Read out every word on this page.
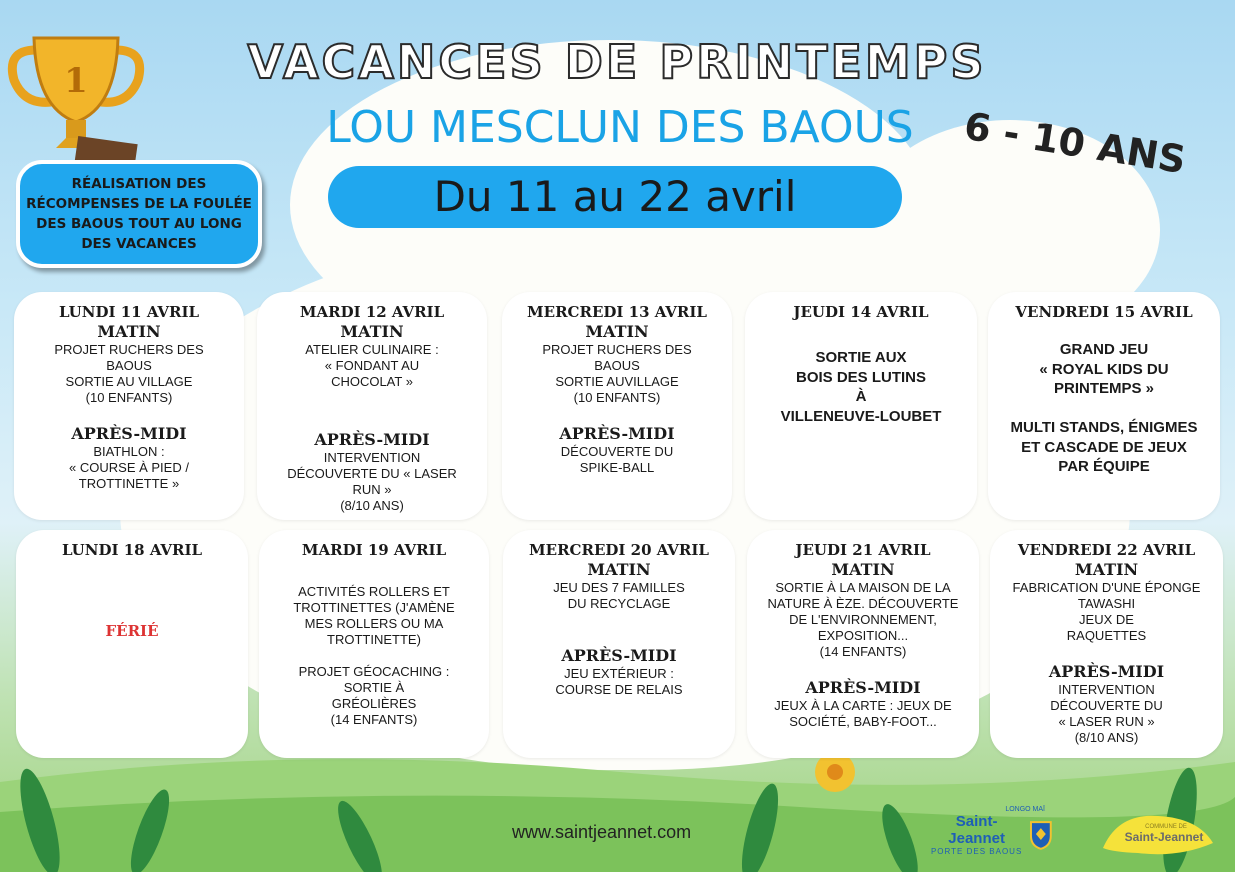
VACANCES DE PRINTEMPS
LOU MESCLUN DES BAOUS	6 - 10 ANS
Du 11 au 22 avril
1
RÉALISATION DES RÉCOMPENSES DE LA FOULÉE DES BAOUS TOUT AU LONG DES VACANCES
LUNDI 11 AVRIL
MATIN
PROJET RUCHERS DES
BAOUS
SORTIE AU VILLAGE
(10 ENFANTS)
APRÈS-MIDI
BIATHLON :
« COURSE À PIED /
TROTTINETTE »
MARDI 12 AVRIL
MATIN
ATELIER CULINAIRE :
« FONDANT AU
CHOCOLAT »
APRÈS-MIDI
INTERVENTION
DÉCOUVERTE DU « LASER
RUN »
(8/10 ANS)
MERCREDI 13 AVRIL
MATIN
PROJET RUCHERS DES
BAOUS
SORTIE AUVILLAGE
(10 ENFANTS)
APRÈS-MIDI
DÉCOUVERTE DU
SPIKE-BALL
JEUDI 14 AVRIL
SORTIE AUX
BOIS DES LUTINS
À
VILLENEUVE-LOUBET
VENDREDI 15 AVRIL
GRAND JEU
« ROYAL KIDS DU
PRINTEMPS »

MULTI STANDS, ÉNIGMES
ET CASCADE DE JEUX
PAR ÉQUIPE
LUNDI 18 AVRIL
FÉRIÉ
MARDI 19 AVRIL
ACTIVITÉS ROLLERS ET
TROTTINETTES (J'AMÈNE
MES ROLLERS OU MA
TROTTINETTE)
PROJET GÉOCACHING :
SORTIE À
GRÉOLIÈRES
(14 ENFANTS)
MERCREDI 20 AVRIL
MATIN
JEU DES 7 FAMILLES
DU RECYCLAGE
APRÈS-MIDI
JEU EXTÉRIEUR :
COURSE DE RELAIS
JEUDI 21 AVRIL
MATIN
SORTIE À LA MAISON DE LA
NATURE À ÈZE. DÉCOUVERTE
DE L'ENVIRONNEMENT,
EXPOSITION...
(14 ENFANTS)
APRÈS-MIDI
JEUX À LA CARTE : JEUX DE
SOCIÉTÉ, BABY-FOOT...
VENDREDI 22 AVRIL
MATIN
FABRICATION D'UNE ÉPONGE
TAWASHI
JEUX DE
RAQUETTES
APRÈS-MIDI
INTERVENTION
DÉCOUVERTE DU
« LASER RUN »
(8/10 ANS)
www.saintjeannet.com
LONGO MAÏ
Saint-Jeannet
PORTE DES BAOUS
COMMUNE DE
Saint-Jeannet
